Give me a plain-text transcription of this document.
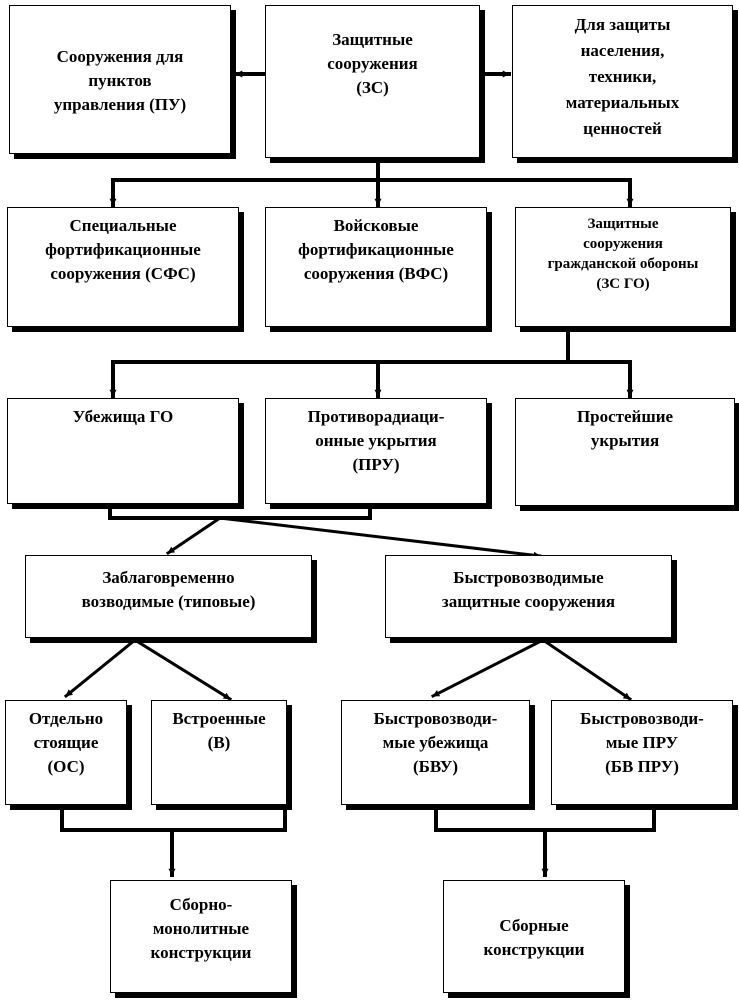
Сооружения для
пунктов
управления (ПУ)
Защитные
сооружения
(ЗС)
Для защиты
населения,
техники,
материальных
ценностей
Специальные
фортификационные
сооружения (СФС)
Войсковые
фортификационные
сооружения (ВФС)
Защитные
сооружения
гражданской обороны
(ЗС ГО)
Убежища ГО	Противорадиаци-
онные укрытия
(ПРУ)
Простейшие
укрытия
Заблаговременно
возводимые (типовые)
Быстровозводимые
защитные сооружения
Отдельно
стоящие
(ОС)
Встроенные
(В)
Быстровозводи-
мые убежища
(БВУ)
Быстровозводи-
мые ПРУ
(БВ ПРУ)
Сборно-
монолитные
конструкции
Сборные
конструкции
